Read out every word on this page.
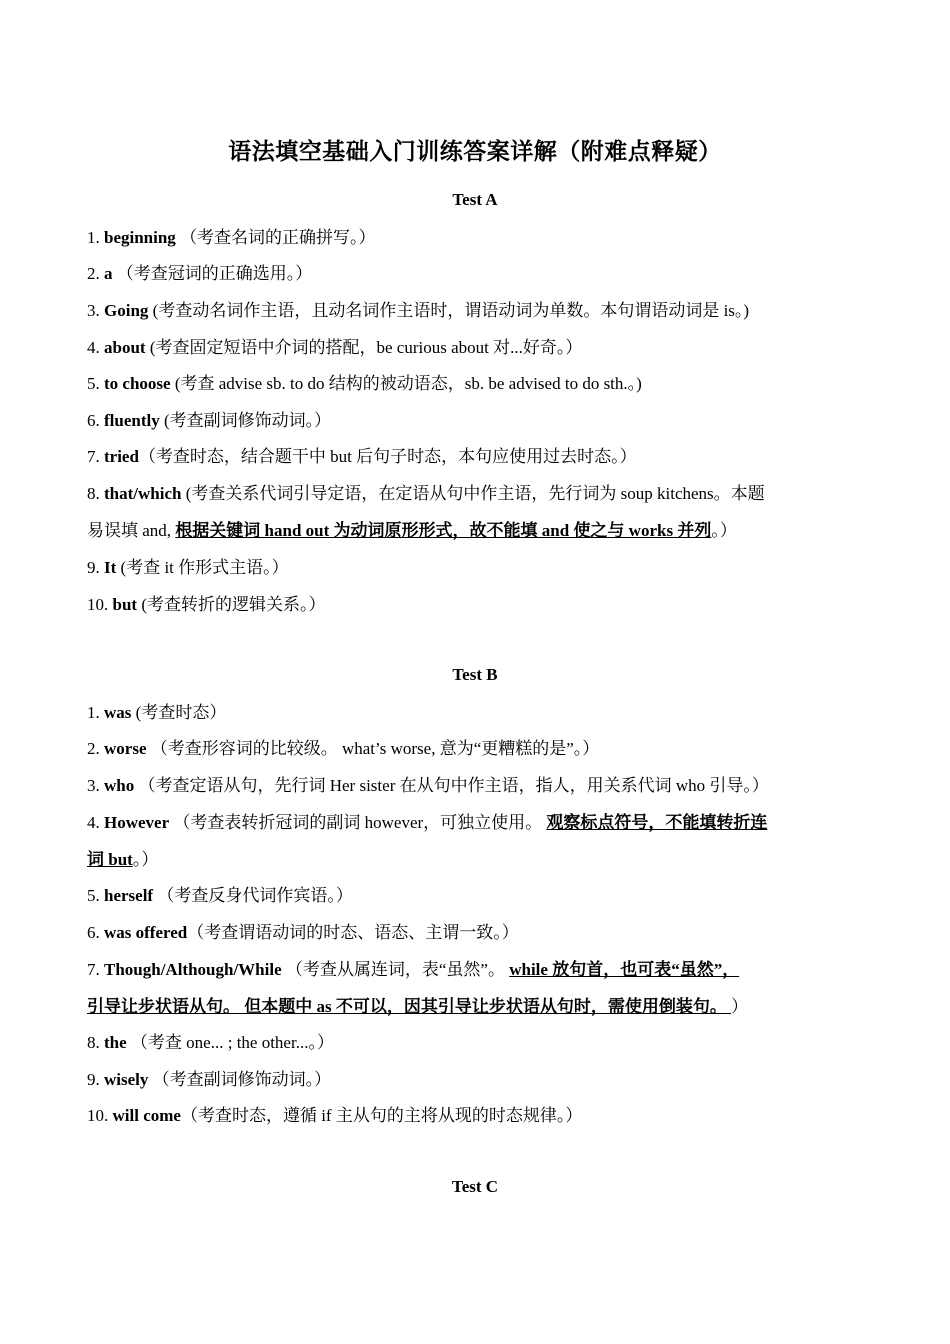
语法填空基础入门训练答案详解（附难点释疑）
Test A
1. beginning （考查名词的正确拼写。）
2. a （考查冠词的正确选用。）
3. Going (考查动名词作主语，且动名词作主语时，谓语动词为单数。本句谓语动词是 is。)
4. about (考查固定短语中介词的搭配，be curious about 对...好奇。）
5. to choose (考查 advise sb. to do 结构的被动语态，sb. be advised to do sth.。)
6. fluently (考查副词修饰动词。）
7. tried（考查时态，结合题干中 but 后句子时态，本句应使用过去时态。）
8. that/which (考查关系代词引导定语，在定语从句中作主语，先行词为 soup kitchens。本题
易误填 and, 根据关键词 hand out 为动词原形形式，故不能填 and 使之与 works 并列。）
9. It (考查 it 作形式主语。）
10. but (考查转折的逻辑关系。）
Test B
1. was (考查时态）
2. worse （考查形容词的比较级。 what’s worse, 意为“更糟糕的是”。）
3. who （考查定语从句，先行词 Her sister 在从句中作主语，指人，用关系代词 who 引导。）
4. However （考查表转折冠词的副词 however，可独立使用。 观察标点符号，不能填转折连
词 but。）
5. herself （考查反身代词作宾语。）
6. was offered（考查谓语动词的时态、语态、主谓一致。）
7. Though/Although/While （考查从属连词，表“虽然”。 while 放句首，也可表“虽然”，
引导让步状语从句。 但本题中 as 不可以，因其引导让步状语从句时，需使用倒装句。 ）
8. the （考查 one... ; the other...。）
9. wisely （考查副词修饰动词。）
10. will come（考查时态，遵循 if 主从句的主将从现的时态规律。）
Test C
